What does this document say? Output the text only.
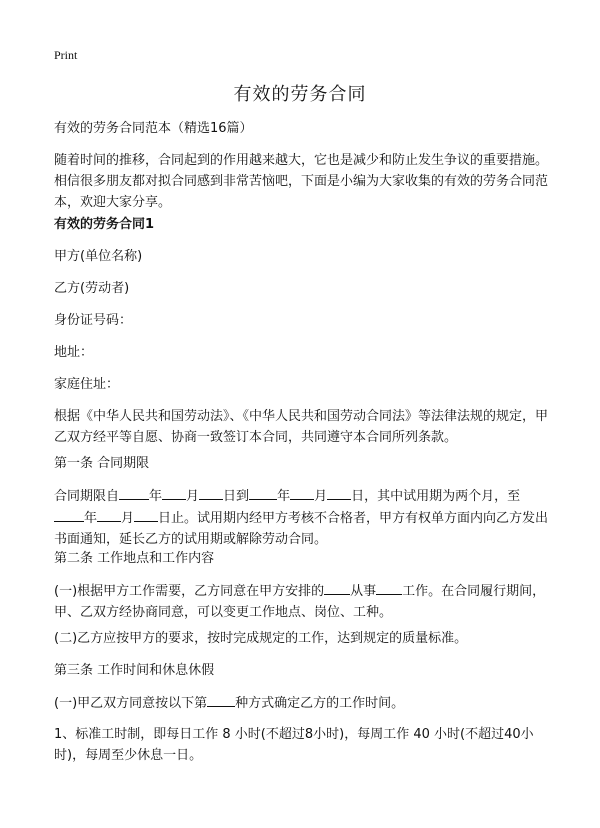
Print
有效的劳务合同

有效的劳务合同范本（精选16篇）

随着时间的推移，合同起到的作用越来越大，它也是减少和防止发生争议的重要措施。相信很多朋友都对拟合同感到非常苦恼吧，下面是小编为大家收集的有效的劳务合同范本，欢迎大家分享。

有效的劳务合同1

甲方(单位名称)

乙方(劳动者)

身份证号码：

地址：

家庭住址：

根据《中华人民共和国劳动法》、《中华人民共和国劳动合同法》等法律法规的规定，甲乙双方经平等自愿、协商一致签订本合同，共同遵守本合同所列条款。

第一条 合同期限

合同期限自 年 月 日到 年 月 日，其中试用期为两个月，至年 月 日止。试用期内经甲方考核不合格者，甲方有权单方面内向乙方发出书面通知，延长乙方的试用期或解除劳动合同。

第二条 工作地点和工作内容

(一)根据甲方工作需要，乙方同意在甲方安排的 从事 工作。在合同履行期间，甲、乙双方经协商同意，可以变更工作地点、岗位、工种。

(二)乙方应按甲方的要求，按时完成规定的工作，达到规定的质量标准。

第三条 工作时间和休息休假

(一)甲乙双方同意按以下第 种方式确定乙方的工作时间。

1、标准工时制，即每日工作 8 小时(不超过8小时)，每周工作 40 小时(不超过40小时)，每周至少休息一日。
